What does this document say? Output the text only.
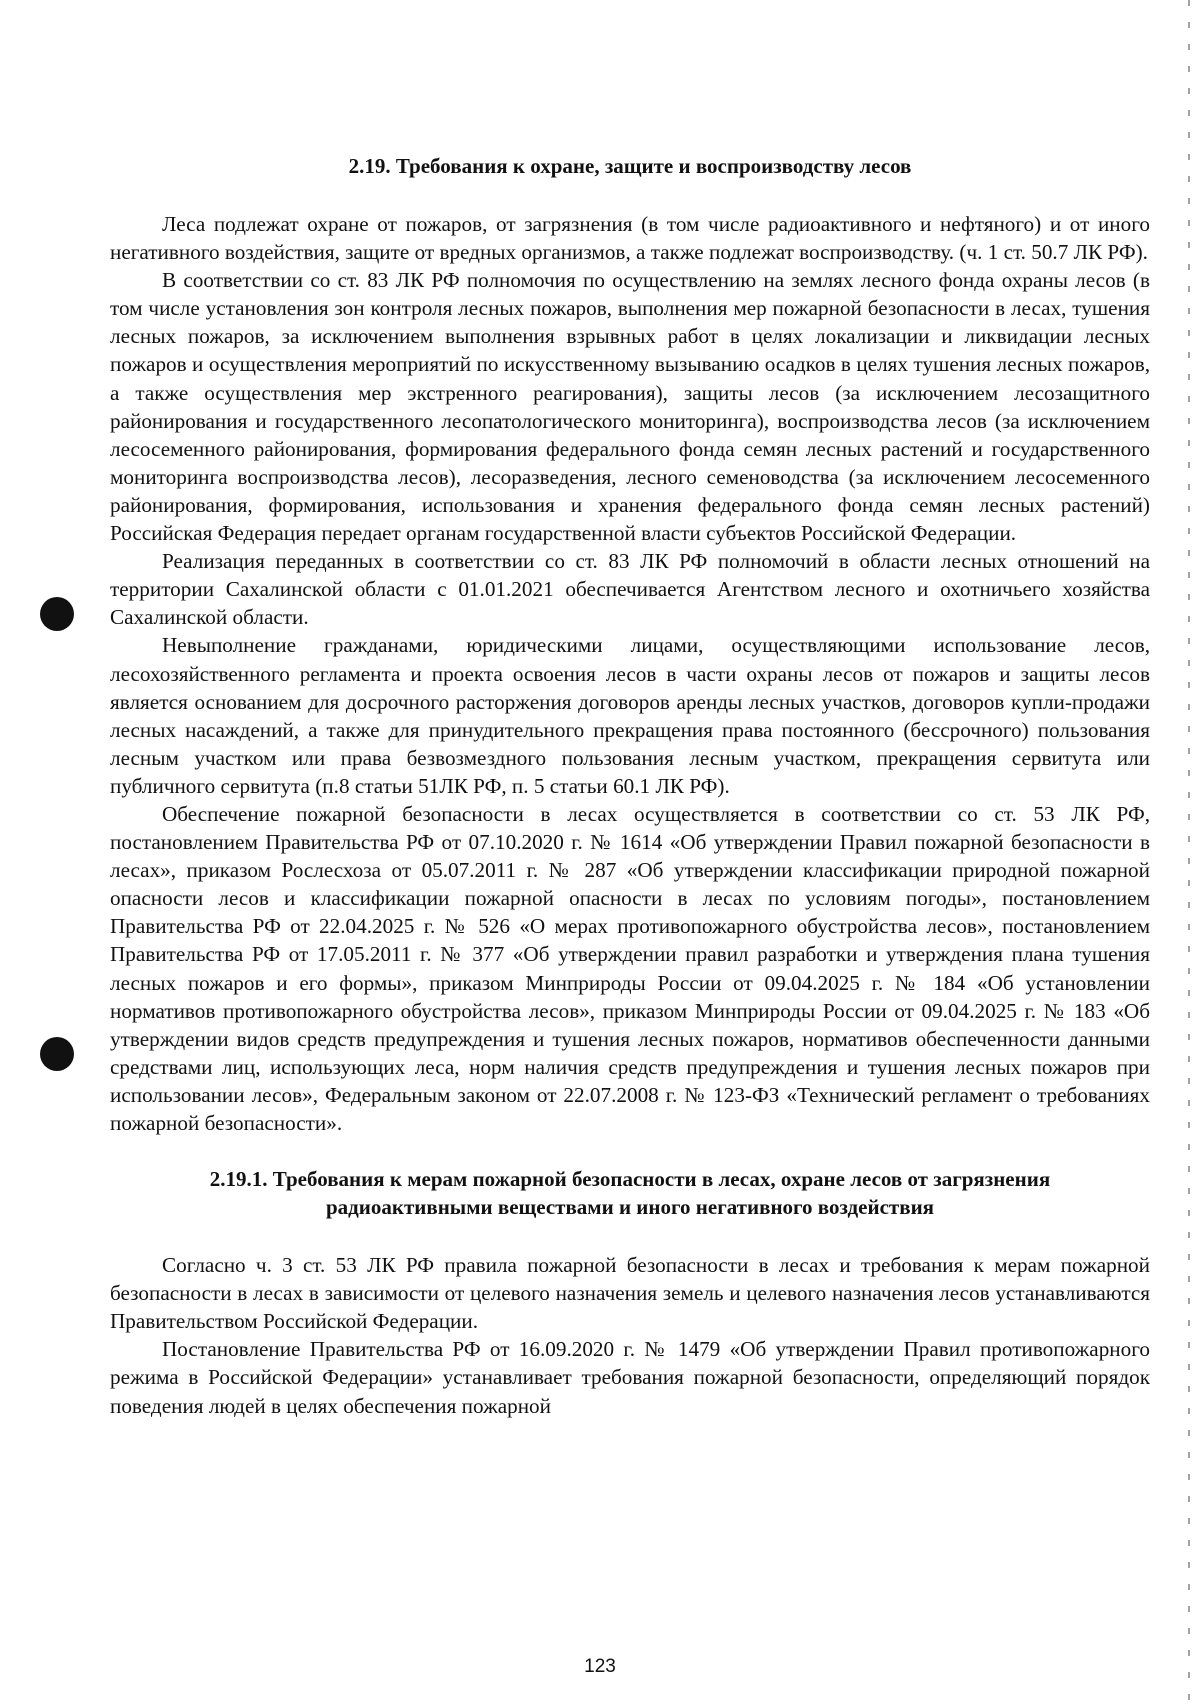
2.19. Требования к охране, защите и воспроизводству лесов

Леса подлежат охране от пожаров, от загрязнения (в том числе радиоактивного и нефтяного) и от иного негативного воздействия, защите от вредных организмов, а также подлежат воспроизводству. (ч. 1 ст. 50.7 ЛК РФ).

В соответствии со ст. 83 ЛК РФ полномочия по осуществлению на землях лесного фонда охраны лесов (в том числе установления зон контроля лесных пожаров, выполнения мер пожарной безопасности в лесах, тушения лесных пожаров, за исключением выполнения взрывных работ в целях локализации и ликвидации лесных пожаров и осуществления мероприятий по искусственному вызыванию осадков в целях тушения лесных пожаров, а также осуществления мер экстренного реагирования), защиты лесов (за исключением лесозащитного районирования и государственного лесопатологического мониторинга), воспроизводства лесов (за исключением лесосеменного районирования, формирования федерального фонда семян лесных растений и государственного мониторинга воспроизводства лесов), лесоразведения, лесного семеноводства (за исключением лесосеменного районирования, формирования, использования и хранения федерального фонда семян лесных растений) Российская Федерация передает органам государственной власти субъектов Российской Федерации.

Реализация переданных в соответствии со ст. 83 ЛК РФ полномочий в области лесных отношений на территории Сахалинской области с 01.01.2021 обеспечивается Агентством лесного и охотничьего хозяйства Сахалинской области.

Невыполнение гражданами, юридическими лицами, осуществляющими использование лесов, лесохозяйственного регламента и проекта освоения лесов в части охраны лесов от пожаров и защиты лесов является основанием для досрочного расторжения договоров аренды лесных участков, договоров купли-продажи лесных насаждений, а также для принудительного прекращения права постоянного (бессрочного) пользования лесным участком или права безвозмездного пользования лесным участком, прекращения сервитута или публичного сервитута (п.8 статьи 51ЛК РФ, п. 5 статьи 60.1 ЛК РФ).

Обеспечение пожарной безопасности в лесах осуществляется в соответствии со ст. 53 ЛК РФ, постановлением Правительства РФ от 07.10.2020 г. № 1614 «Об утверждении Правил пожарной безопасности в лесах», приказом Рослесхоза от 05.07.2011 г. № 287 «Об утверждении классификации природной пожарной опасности лесов и классификации пожарной опасности в лесах по условиям погоды», постановлением Правительства РФ от 22.04.2025 г. № 526 «О мерах противопожарного обустройства лесов», постановлением Правительства РФ от 17.05.2011 г. № 377 «Об утверждении правил разработки и утверждения плана тушения лесных пожаров и его формы», приказом Минприроды России от 09.04.2025 г. № 184 «Об установлении нормативов противопожарного обустройства лесов», приказом Минприроды России от 09.04.2025 г. № 183 «Об утверждении видов средств предупреждения и тушения лесных пожаров, нормативов обеспеченности данными средствами лиц, использующих леса, норм наличия средств предупреждения и тушения лесных пожаров при использовании лесов», Федеральным законом от 22.07.2008 г. № 123-ФЗ «Технический регламент о требованиях пожарной безопасности».

2.19.1. Требования к мерам пожарной безопасности в лесах, охране лесов от загрязнения радиоактивными веществами и иного негативного воздействия

Согласно ч. 3 ст. 53 ЛК РФ правила пожарной безопасности в лесах и требования к мерам пожарной безопасности в лесах в зависимости от целевого назначения земель и целевого назначения лесов устанавливаются Правительством Российской Федерации.

Постановление Правительства РФ от 16.09.2020 г. № 1479 «Об утверждении Правил противопожарного режима в Российской Федерации» устанавливает требования пожарной безопасности, определяющий порядок поведения людей в целях обеспечения пожарной

123
